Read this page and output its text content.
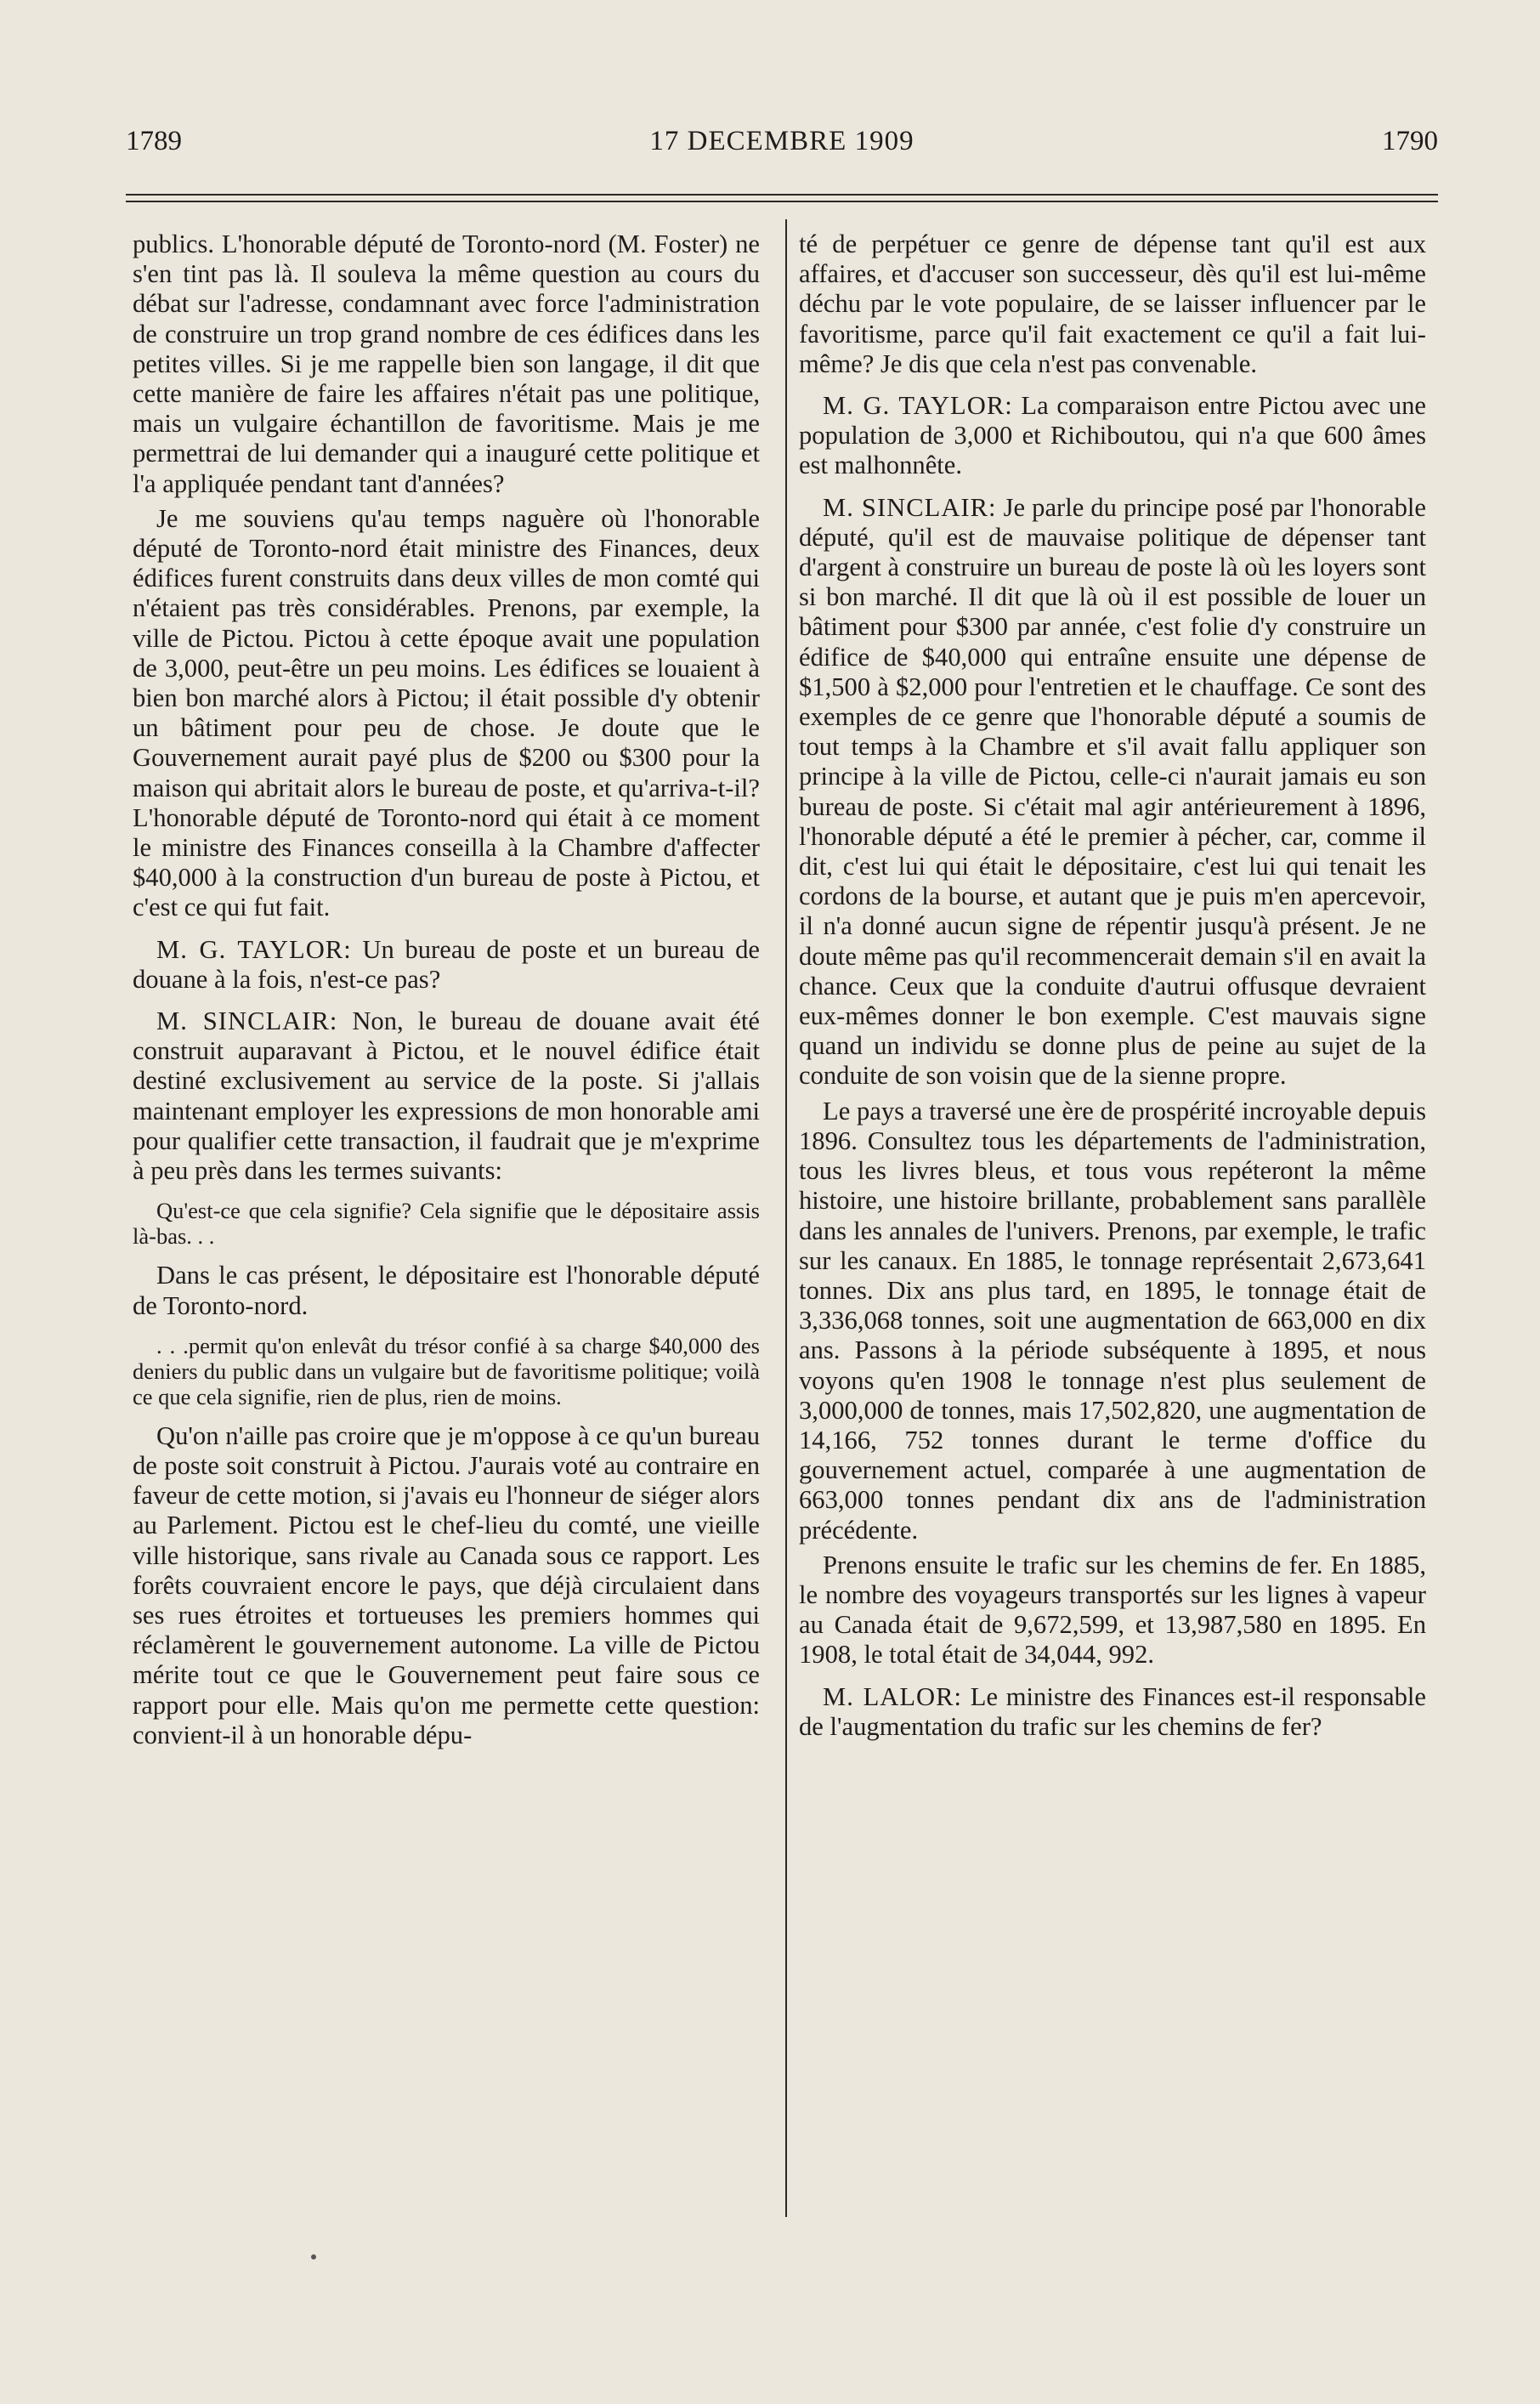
1789	17 DECEMBRE 1909	1790

publics. L'honorable député de Toronto-nord (M. Foster) ne s'en tint pas là. Il souleva la même question au cours du débat sur l'adresse, condamnant avec force l'administration de construire un trop grand nombre de ces édifices dans les petites villes. Si je me rappelle bien son langage, il dit que cette manière de faire les affaires n'était pas une politique, mais un vulgaire échantillon de favoritisme. Mais je me permettrai de lui demander qui a inauguré cette politique et l'a appliquée pendant tant d'années?

Je me souviens qu'au temps naguère où l'honorable député de Toronto-nord était ministre des Finances, deux édifices furent construits dans deux villes de mon comté qui n'étaient pas très considérables. Prenons, par exemple, la ville de Pictou. Pictou à cette époque avait une population de 3,000, peut-être un peu moins. Les édifices se louaient à bien bon marché alors à Pictou; il était possible d'y obtenir un bâtiment pour peu de chose. Je doute que le Gouvernement aurait payé plus de $200 ou $300 pour la maison qui abritait alors le bureau de poste, et qu'arriva-t-il? L'honorable député de Toronto-nord qui était à ce moment le ministre des Finances conseilla à la Chambre d'affecter $40,000 à la construction d'un bureau de poste à Pictou, et c'est ce qui fut fait.

M. G. TAYLOR: Un bureau de poste et un bureau de douane à la fois, n'est-ce pas?

M. SINCLAIR: Non, le bureau de douane avait été construit auparavant à Pictou, et le nouvel édifice était destiné exclusivement au service de la poste. Si j'allais maintenant employer les expressions de mon honorable ami pour qualifier cette transaction, il faudrait que je m'exprime à peu près dans les termes suivants:

Qu'est-ce que cela signifie? Cela signifie que le dépositaire assis là-bas. . .

Dans le cas présent, le dépositaire est l'honorable député de Toronto-nord.

. . .permit qu'on enlevât du trésor confié à sa charge $40,000 des deniers du public dans un vulgaire but de favoritisme politique; voilà ce que cela signifie, rien de plus, rien de moins.

Qu'on n'aille pas croire que je m'oppose à ce qu'un bureau de poste soit construit à Pictou. J'aurais voté au contraire en faveur de cette motion, si j'avais eu l'honneur de siéger alors au Parlement. Pictou est le chef-lieu du comté, une vieille ville historique, sans rivale au Canada sous ce rapport. Les forêts couvraient encore le pays, que déjà circulaient dans ses rues étroites et tortueuses les premiers hommes qui réclamèrent le gouvernement autonome. La ville de Pictou mérite tout ce que le Gouvernement peut faire sous ce rapport pour elle. Mais qu'on me permette cette question: convient-il à un honorable dépu-

té de perpétuer ce genre de dépense tant qu'il est aux affaires, et d'accuser son successeur, dès qu'il est lui-même déchu par le vote populaire, de se laisser influencer par le favoritisme, parce qu'il fait exactement ce qu'il a fait lui-même? Je dis que cela n'est pas convenable.

M. G. TAYLOR: La comparaison entre Pictou avec une population de 3,000 et Richiboutou, qui n'a que 600 âmes est malhonnête.

M. SINCLAIR: Je parle du principe posé par l'honorable député, qu'il est de mauvaise politique de dépenser tant d'argent à construire un bureau de poste là où les loyers sont si bon marché. Il dit que là où il est possible de louer un bâtiment pour $300 par année, c'est folie d'y construire un édifice de $40,000 qui entraîne ensuite une dépense de $1,500 à $2,000 pour l'entretien et le chauffage. Ce sont des exemples de ce genre que l'honorable député a soumis de tout temps à la Chambre et s'il avait fallu appliquer son principe à la ville de Pictou, celle-ci n'aurait jamais eu son bureau de poste. Si c'était mal agir antérieurement à 1896, l'honorable député a été le premier à pécher, car, comme il dit, c'est lui qui était le dépositaire, c'est lui qui tenait les cordons de la bourse, et autant que je puis m'en apercevoir, il n'a donné aucun signe de répentir jusqu'à présent. Je ne doute même pas qu'il recommencerait demain s'il en avait la chance. Ceux que la conduite d'autrui offusque devraient eux-mêmes donner le bon exemple. C'est mauvais signe quand un individu se donne plus de peine au sujet de la conduite de son voisin que de la sienne propre.

Le pays a traversé une ère de prospérité incroyable depuis 1896. Consultez tous les départements de l'administration, tous les livres bleus, et tous vous repéteront la même histoire, une histoire brillante, probablement sans parallèle dans les annales de l'univers. Prenons, par exemple, le trafic sur les canaux. En 1885, le tonnage représentait 2,673,641 tonnes. Dix ans plus tard, en 1895, le tonnage était de 3,336,068 tonnes, soit une augmentation de 663,000 en dix ans. Passons à la période subséquente à 1895, et nous voyons qu'en 1908 le tonnage n'est plus seulement de 3,000,000 de tonnes, mais 17,502,820, une augmentation de 14,166, 752 tonnes durant le terme d'office du gouvernement actuel, comparée à une augmentation de 663,000 tonnes pendant dix ans de l'administration précédente.

Prenons ensuite le trafic sur les chemins de fer. En 1885, le nombre des voyageurs transportés sur les lignes à vapeur au Canada était de 9,672,599, et 13,987,580 en 1895. En 1908, le total était de 34,044, 992.

M. LALOR: Le ministre des Finances est-il responsable de l'augmentation du trafic sur les chemins de fer?
